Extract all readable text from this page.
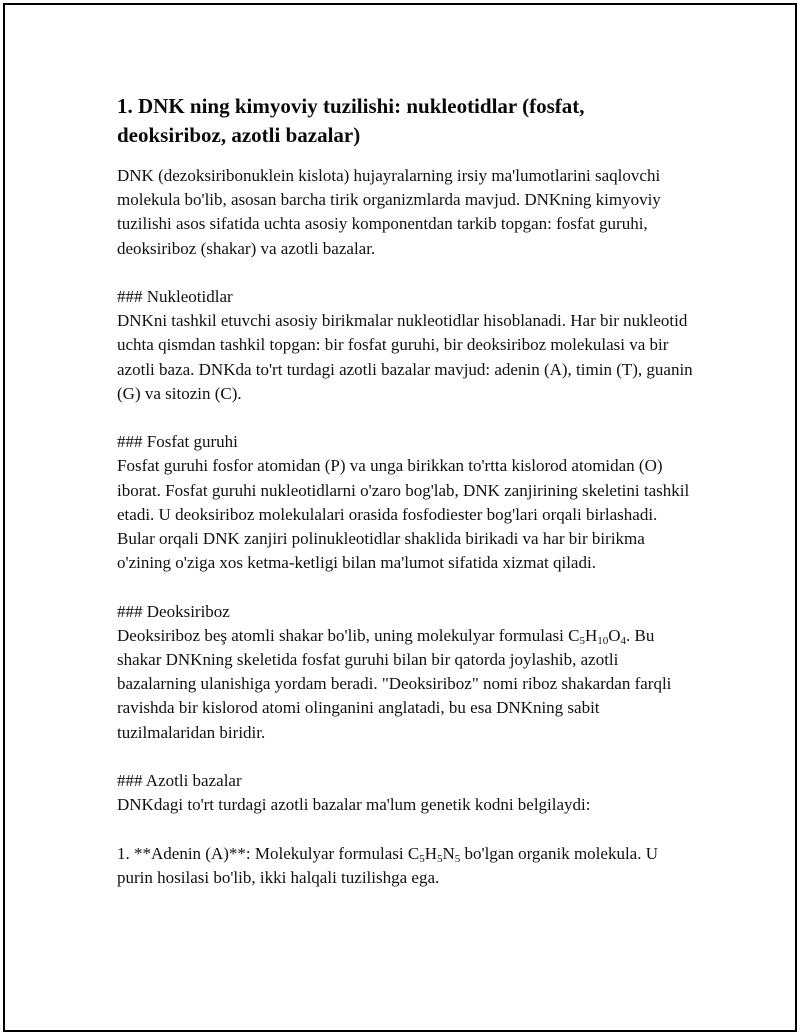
1. DNK ning kimyoviy tuzilishi: nukleotidlar (fosfat, deoksiriboz, azotli bazalar)

DNK (dezoksiribonuklein kislota) hujayralarning irsiy ma'lumotlarini saqlovchi molekula bo'lib, asosan barcha tirik organizmlarda mavjud. DNKning kimyoviy tuzilishi asos sifatida uchta asosiy komponentdan tarkib topgan: fosfat guruhi, deoksiriboz (shakar) va azotli bazalar.

### Nukleotidlar

DNKni tashkil etuvchi asosiy birikmalar nukleotidlar hisoblanadi. Har bir nukleotid uchta qismdan tashkil topgan: bir fosfat guruhi, bir deoksiriboz molekulasi va bir azotli baza. DNKda to'rt turdagi azotli bazalar mavjud: adenin (A), timin (T), guanin (G) va sitozin (C).

### Fosfat guruhi

Fosfat guruhi fosfor atomidan (P) va unga birikkan to'rtta kislorod atomidan (O) iborat. Fosfat guruhi nukleotidlarni o'zaro bog'lab, DNK zanjirining skeletini tashkil etadi. U deoksiriboz molekulalari orasida fosfodiester bog'lari orqali birlashadi. Bular orqali DNK zanjiri polinukleotidlar shaklida birikadi va har bir birikma o'zining o'ziga xos ketma-ketligi bilan ma'lumot sifatida xizmat qiladi.

### Deoksiriboz

Deoksiriboz beş atomli shakar bo'lib, uning molekulyar formulasi $C_5H_{10}O_4$. Bu shakar DNKning skeletida fosfat guruhi bilan bir qatorda joylashib, azotli bazalarning ulanishiga yordam beradi. "Deoksiriboz" nomi riboz shakardan farqli ravishda bir kislorod atomi olinganini anglatadi, bu esa DNKning sabit tuzilmalaridan biridir.

### Azotli bazalar

DNKdagi to'rt turdagi azotli bazalar ma'lum genetik kodni belgilaydi:

1. **Adenin (A)**: Molekulyar formulasi $C_5H_5N_5$ bo'lgan organik molekula. U purin hosilasi bo'lib, ikki halqali tuzilishga ega.
